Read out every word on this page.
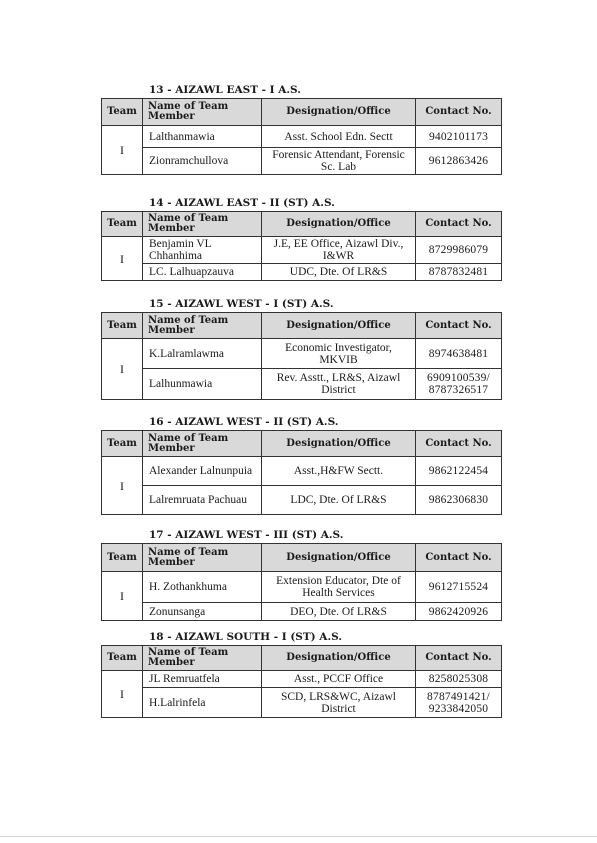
13 - AIZAWL EAST - I A.S.
Team	Name of Team Member	Designation/Office	Contact No.
I	Lalthanmawia	Asst. School Edn. Sectt	9402101173
	Zionramchullova	Forensic Attendant, Forensic Sc. Lab	9612863426
14 - AIZAWL EAST - II (ST) A.S.
Team	Name of Team Member	Designation/Office	Contact No.
I	Benjamin VL Chhanhima	J.E, EE Office, Aizawl Div., I&WR	8729986079
	LC. Lalhuapzauva	UDC, Dte. Of LR&S	8787832481
15 - AIZAWL WEST - I (ST) A.S.
Team	Name of Team Member	Designation/Office	Contact No.
I	K.Lalramlawma	Economic Investigator, MKVIB	8974638481
	Lalhunmawia	Rev. Asstt., LR&S, Aizawl District	6909100539/ 8787326517
16 - AIZAWL WEST - II (ST) A.S.
Team	Name of Team Member	Designation/Office	Contact No.
I	Alexander Lalnunpuia	Asst.,H&FW Sectt.	9862122454
	Lalremruata Pachuau	LDC, Dte. Of LR&S	9862306830
17 - AIZAWL WEST - III (ST) A.S.
Team	Name of Team Member	Designation/Office	Contact No.
I	H. Zothankhuma	Extension Educator, Dte of Health Services	9612715524
	Zonunsanga	DEO, Dte. Of LR&S	9862420926
18 - AIZAWL SOUTH - I (ST) A.S.
Team	Name of Team Member	Designation/Office	Contact No.
I	JL Remruatfela	Asst., PCCF Office	8258025308
	H.Lalrinfela	SCD, LRS&WC, Aizawl District	8787491421/ 9233842050
